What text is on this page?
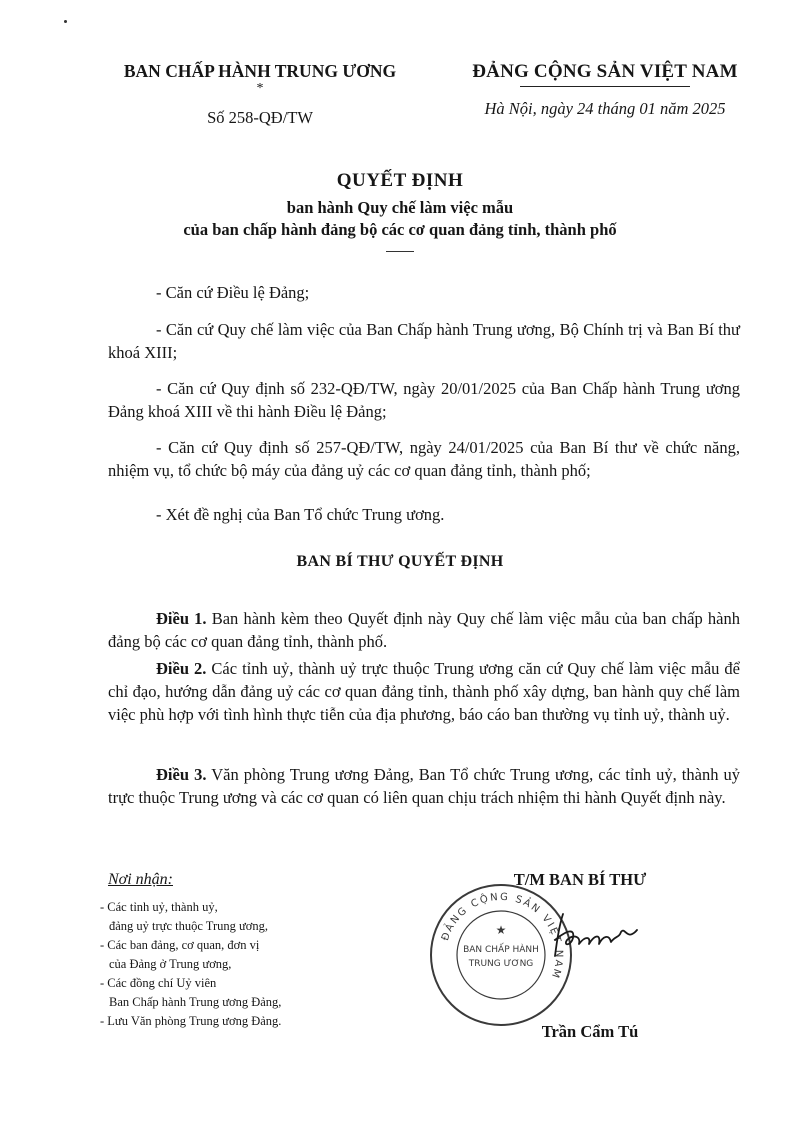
BAN CHẤP HÀNH TRUNG ƯƠNG
*
Số 258-QĐ/TW
ĐẢNG CỘNG SẢN VIỆT NAM
Hà Nội, ngày 24 tháng 01 năm 2025
QUYẾT ĐỊNH
ban hành Quy chế làm việc mẫu
của ban chấp hành đảng bộ các cơ quan đảng tỉnh, thành phố
- Căn cứ Điều lệ Đảng;
- Căn cứ Quy chế làm việc của Ban Chấp hành Trung ương, Bộ Chính trị và Ban Bí thư khoá XIII;
- Căn cứ Quy định số 232-QĐ/TW, ngày 20/01/2025 của Ban Chấp hành Trung ương Đảng khoá XIII về thi hành Điều lệ Đảng;
- Căn cứ Quy định số 257-QĐ/TW, ngày 24/01/2025 của Ban Bí thư về chức năng, nhiệm vụ, tổ chức bộ máy của đảng uỷ các cơ quan đảng tỉnh, thành phố;
- Xét đề nghị của Ban Tổ chức Trung ương.
BAN BÍ THƯ QUYẾT ĐỊNH
Điều 1. Ban hành kèm theo Quyết định này Quy chế làm việc mẫu của ban chấp hành đảng bộ các cơ quan đảng tỉnh, thành phố.
Điều 2. Các tỉnh uỷ, thành uỷ trực thuộc Trung ương căn cứ Quy chế làm việc mẫu để chỉ đạo, hướng dẫn đảng uỷ các cơ quan đảng tỉnh, thành phố xây dựng, ban hành quy chế làm việc phù hợp với tình hình thực tiễn của địa phương, báo cáo ban thường vụ tỉnh uỷ, thành uỷ.
Điều 3. Văn phòng Trung ương Đảng, Ban Tổ chức Trung ương, các tỉnh uỷ, thành uỷ trực thuộc Trung ương và các cơ quan có liên quan chịu trách nhiệm thi hành Quyết định này.
Nơi nhận:
- Các tỉnh uỷ, thành uỷ,
đảng uỷ trực thuộc Trung ương,
- Các ban đảng, cơ quan, đơn vị
của Đảng ở Trung ương,
- Các đồng chí Uỷ viên
Ban Chấp hành Trung ương Đảng,
- Lưu Văn phòng Trung ương Đảng.
T/M BAN BÍ THƯ
ĐẢNG CỘNG SẢN VIỆT NAM
BAN CHẤP HÀNH
TRUNG ƯƠNG
★
Trần Cẩm Tú
